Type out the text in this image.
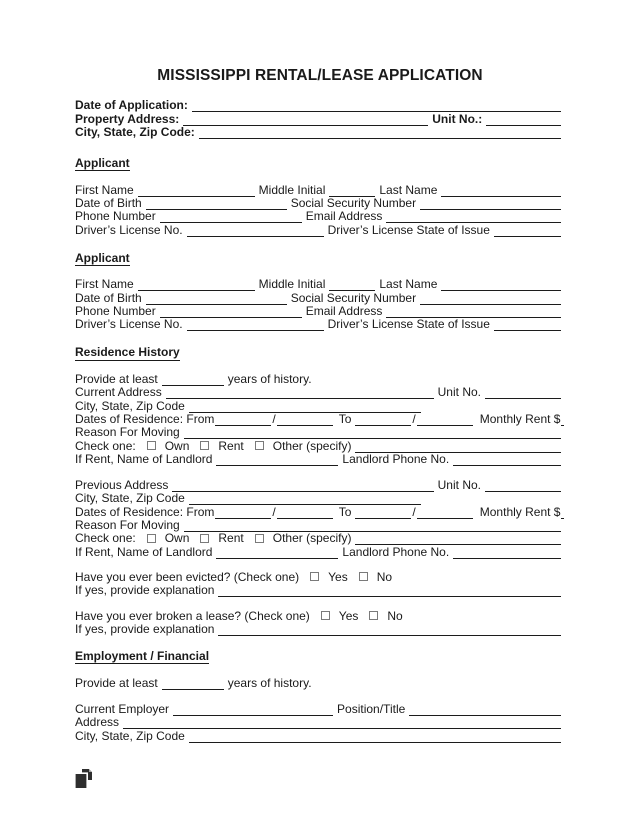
MISSISSIPPI RENTAL/LEASE APPLICATION
Date of Application:
Property Address:	Unit No.:
City, State, Zip Code:
Applicant
First Name	Middle Initial	Last Name
Date of Birth	Social Security Number
Phone Number	Email Address
Driver’s License No.	Driver’s License State of Issue
Applicant
First Name	Middle Initial	Last Name
Date of Birth	Social Security Number
Phone Number	Email Address
Driver’s License No.	Driver’s License State of Issue
Residence History
Provide at least	years of history.
Current Address	Unit No.
City, State, Zip Code
Dates of Residence: From	/	To	/	Monthly Rent $
Reason For Moving
Check one: Own Rent Other (specify)
If Rent, Name of Landlord	Landlord Phone No.
Previous Address	Unit No.
City, State, Zip Code
Dates of Residence: From	/	To	/	Monthly Rent $
Reason For Moving
Check one: Own Rent Other (specify)
If Rent, Name of Landlord	Landlord Phone No.
Have you ever been evicted? (Check one) Yes No
If yes, provide explanation
Have you ever broken a lease? (Check one) Yes No
If yes, provide explanation
Employment / Financial
Provide at least	years of history.
Current Employer	Position/Title
Address
City, State, Zip Code
